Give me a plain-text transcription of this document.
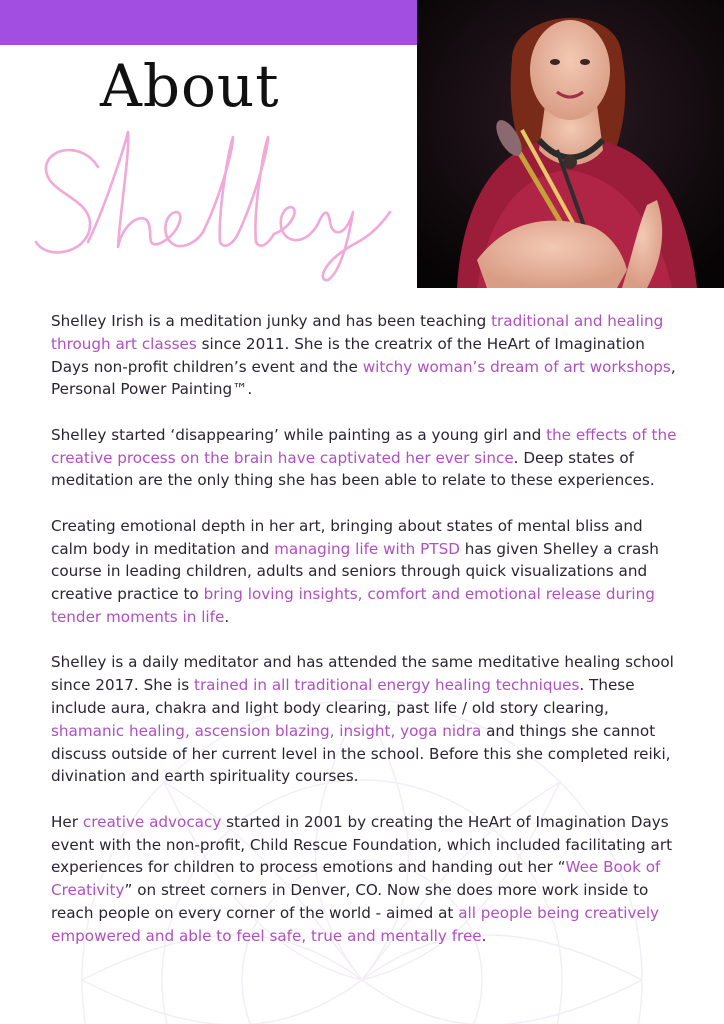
About

Shelley Irish is a meditation junky and has been teaching traditional and healing through art classes since 2011. She is the creatrix of the HeArt of Imagination Days non-profit children’s event and the witchy woman’s dream of art workshops, Personal Power Painting™.

Shelley started ‘disappearing’ while painting as a young girl and the effects of the creative process on the brain have captivated her ever since. Deep states of meditation are the only thing she has been able to relate to these experiences.

Creating emotional depth in her art, bringing about states of mental bliss and calm body in meditation and managing life with PTSD has given Shelley a crash course in leading children, adults and seniors through quick visualizations and creative practice to bring loving insights, comfort and emotional release during tender moments in life.

Shelley is a daily meditator and has attended the same meditative healing school since 2017. She is trained in all traditional energy healing techniques. These include aura, chakra and light body clearing, past life / old story clearing, shamanic healing, ascension blazing, insight, yoga nidra and things she cannot discuss outside of her current level in the school. Before this she completed reiki, divination and earth spirituality courses.

Her creative advocacy started in 2001 by creating the HeArt of Imagination Days event with the non-profit, Child Rescue Foundation, which included facilitating art experiences for children to process emotions and handing out her “Wee Book of Creativity” on street corners in Denver, CO. Now she does more work inside to reach people on every corner of the world - aimed at all people being creatively empowered and able to feel safe, true and mentally free.
